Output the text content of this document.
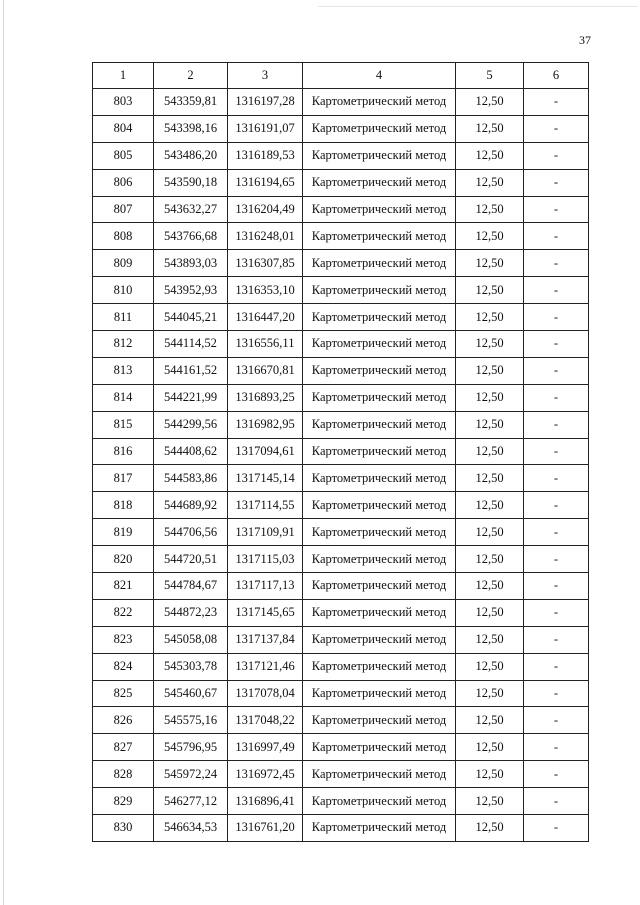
37
1	2	3	4	5	6
803	543359,81	1316197,28	Картометрический метод	12,50	-
804	543398,16	1316191,07	Картометрический метод	12,50	-
805	543486,20	1316189,53	Картометрический метод	12,50	-
806	543590,18	1316194,65	Картометрический метод	12,50	-
807	543632,27	1316204,49	Картометрический метод	12,50	-
808	543766,68	1316248,01	Картометрический метод	12,50	-
809	543893,03	1316307,85	Картометрический метод	12,50	-
810	543952,93	1316353,10	Картометрический метод	12,50	-
811	544045,21	1316447,20	Картометрический метод	12,50	-
812	544114,52	1316556,11	Картометрический метод	12,50	-
813	544161,52	1316670,81	Картометрический метод	12,50	-
814	544221,99	1316893,25	Картометрический метод	12,50	-
815	544299,56	1316982,95	Картометрический метод	12,50	-
816	544408,62	1317094,61	Картометрический метод	12,50	-
817	544583,86	1317145,14	Картометрический метод	12,50	-
818	544689,92	1317114,55	Картометрический метод	12,50	-
819	544706,56	1317109,91	Картометрический метод	12,50	-
820	544720,51	1317115,03	Картометрический метод	12,50	-
821	544784,67	1317117,13	Картометрический метод	12,50	-
822	544872,23	1317145,65	Картометрический метод	12,50	-
823	545058,08	1317137,84	Картометрический метод	12,50	-
824	545303,78	1317121,46	Картометрический метод	12,50	-
825	545460,67	1317078,04	Картометрический метод	12,50	-
826	545575,16	1317048,22	Картометрический метод	12,50	-
827	545796,95	1316997,49	Картометрический метод	12,50	-
828	545972,24	1316972,45	Картометрический метод	12,50	-
829	546277,12	1316896,41	Картометрический метод	12,50	-
830	546634,53	1316761,20	Картометрический метод	12,50	-
